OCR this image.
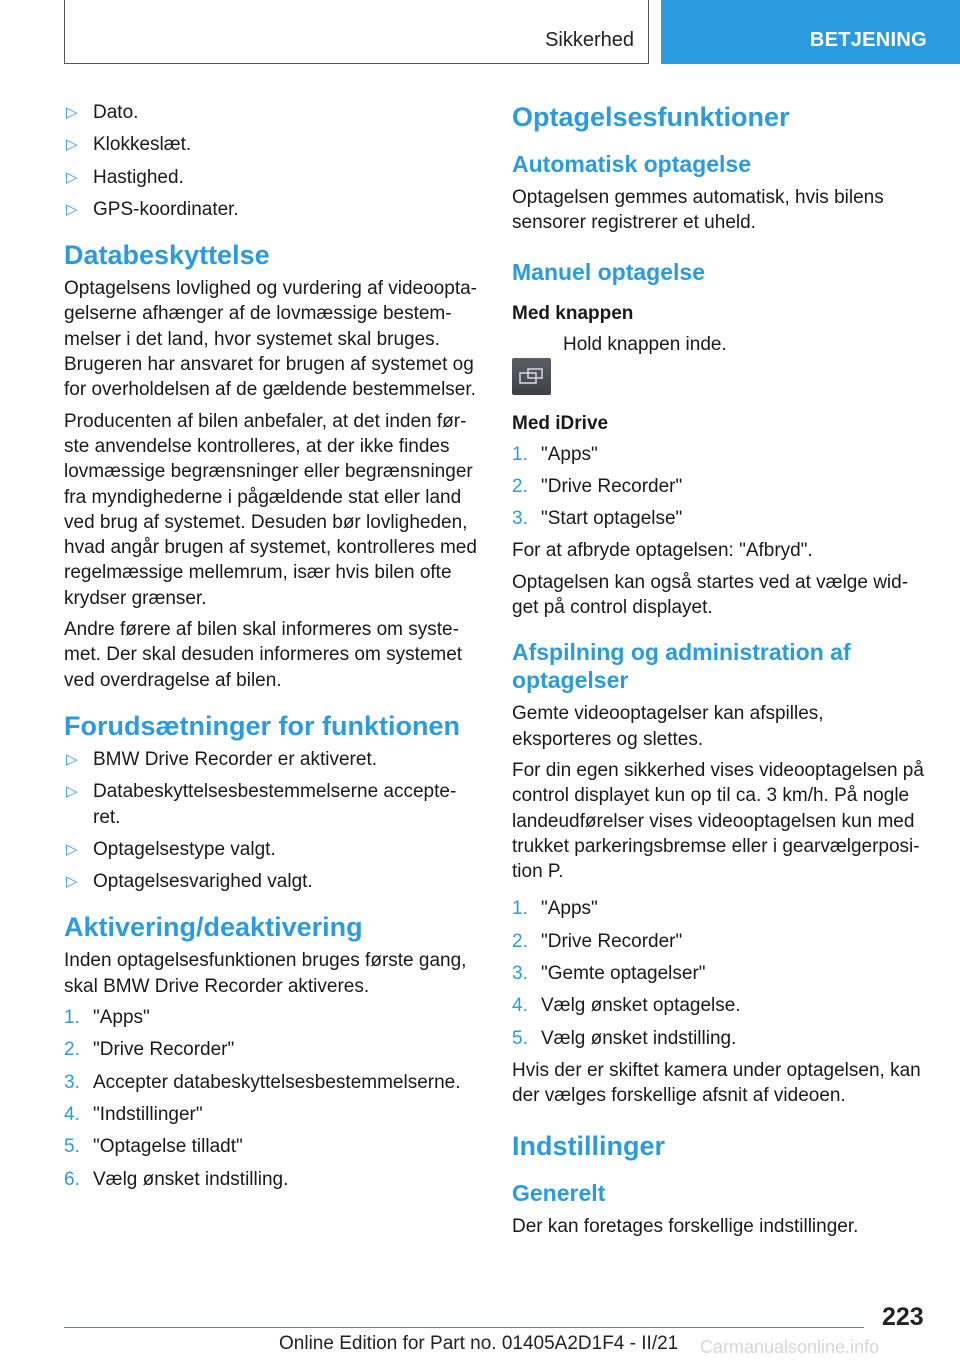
Sikkerhed	BETJENING
▷ Dato.
▷ Klokkeslæt.
▷ Hastighed.
▷ GPS-koordinater.
Databeskyttelse

Optagelsens lovlighed og vurdering af videoopta-gelserne afhænger af de lovmæssige bestem-melser i det land, hvor systemet skal bruges. Brugeren har ansvaret for brugen af systemet og for overholdelsen af de gældende bestemmelser.

Producenten af bilen anbefaler, at det inden før-ste anvendelse kontrolleres, at der ikke findes lovmæssige begrænsninger eller begrænsninger fra myndighederne i pågældende stat eller land ved brug af systemet. Desuden bør lovligheden, hvad angår brugen af systemet, kontrolleres med regelmæssige mellemrum, især hvis bilen ofte krydser grænser.

Andre førere af bilen skal informeres om syste-met. Der skal desuden informeres om systemet ved overdragelse af bilen.

Forudsætninger for funktionen
▷ BMW Drive Recorder er aktiveret.
▷ Databeskyttelsesbestemmelserne accepte-ret.
▷ Optagelsestype valgt.
▷ Optagelsesvarighed valgt.
Aktivering/deaktivering

Inden optagelsesfunktionen bruges første gang, skal BMW Drive Recorder aktiveres.

1. "Apps"
2. "Drive Recorder"
3. Accepter databeskyttelsesbestemmelserne.
4. "Indstillinger"
5. "Optagelse tilladt"
6. Vælg ønsket indstilling.
Optagelsesfunktioner
Automatisk optagelse

Optagelsen gemmes automatisk, hvis bilens sensorer registrerer et uheld.

Manuel optagelse
Med knappen
Hold knappen inde.
Med iDrive
1. "Apps"
2. "Drive Recorder"
3. "Start optagelse"

For at afbryde optagelsen: "Afbryd".

Optagelsen kan også startes ved at vælge wid-get på control displayet.

Afspilning og administration af optagelser

Gemte videooptagelser kan afspilles, eksporteres og slettes.

For din egen sikkerhed vises videooptagelsen på control displayet kun op til ca. 3 km/h. På nogle landeudførelser vises videooptagelsen kun med trukket parkeringsbremse eller i gearvælgerposi-tion P.

1. "Apps"
2. "Drive Recorder"
3. "Gemte optagelser"
4. Vælg ønsket optagelse.
5. Vælg ønsket indstilling.

Hvis der er skiftet kamera under optagelsen, kan der vælges forskellige afsnit af videoen.

Indstillinger
Generelt

Der kan foretages forskellige indstillinger.

223
Online Edition for Part no. 01405A2D1F4 - II/21 Carmanualsonline.info
